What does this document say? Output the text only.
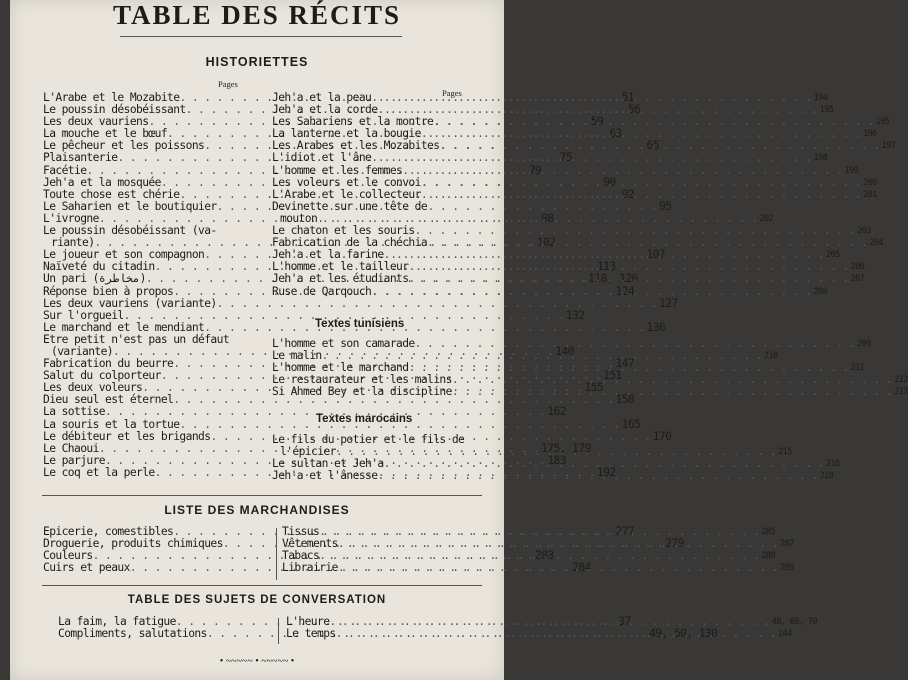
TABLE DES RÉCITS
HISTORIETTES
Pages
Pages
L'Arabe et le Mozabite . . .	51
Le poussin désobéissant . . .	56
Les deux vauriens . . .	59
La mouche et le bœuf . . .	63
Le pêcheur et les poissons . . .	65
Plaisanterie . . .	75
Facétie . . .	79
Jeh'a et la mosquée . . .	90
Toute chose est chérie . . .	92
Le Saharien et le boutiquier . . .	95
L'ivrogne . . .	98
Le poussin désobéissant (va-
riante) . . .	102
Le joueur et son compagnon . . .	107
Naïveté du citadin . . .	113
Un pari (مخاطرة) . . .	118, 120
Réponse bien à propos . . .	124
Les deux vauriens (variante) . . .	127
Sur l'orgueil . . .	132
Le marchand et le mendiant . . .	136
Etre petit n'est pas un défaut
(variante) . . .	140
Fabrication du beurre . . .	147
Salut du colporteur . . .	151
Les deux voleurs . . .	155
Dieu seul est éternel . . .	158
La sottise . . .	162
La souris et la tortue . . .	165
Le débiteur et les brigands . . .	170
Le Chaoui . . .	175, 179
Le parjure . . .	183
Le coq et la perle . . .	192
Jeh'a et la peau . . .	194
Jeh'a et la corde . . .	195
Les Sahariens et la montre . . .	195
La lanterne et la bougie . . .	196
Les Arabes et les Mozabites . . .	197
L'idiot et l'âne . . .	198
L'homme et les femmes . . .	199
Les voleurs et le convoi . . .	200
L'Arabe et le collecteur . . .	201
Devinette sur une tête de
mouton . . .	202
Le chaton et les souris . . .	203
Fabrication de la chéchia . . .	204
Jeh'a et la farine . . .	205
L'homme et le tailleur . . .	206
Jeh'a et les étudiants . . .	207
Ruse de Qarqouch . . .	208
Textes tunisiens
L'homme et son camarade . . .	209
Le malin . . .	210
L'homme et le marchand . . .	211
Le restaurateur et les malins . . .	212
Si Ahmed Bey et la discipline . . .	213
Textes marocains
Le fils du potier et le fils de
l'épicier . . .	215
Le sultan et Jeh'a . . .	216
Jeh'a et l'ânesse . . .	218
LISTE DES MARCHANDISES
Epicerie, comestibles . . .	277
Droguerie, produits chimiques . . .	279
Couleurs . . .	283
Cuirs et peaux . . .	284
Tissus . . .	285
Vêtements . . .	287
Tabacs . . .	288
Librairie . . .	289
TABLE DES SUJETS DE CONVERSATION
La faim, la fatigue . . .	37
Compliments, salutations . . .	49, 50, 130
L'heure . . .	48, 69, 70
Le temps . . .	144
• ~~~~~ • ~~~~~ •
